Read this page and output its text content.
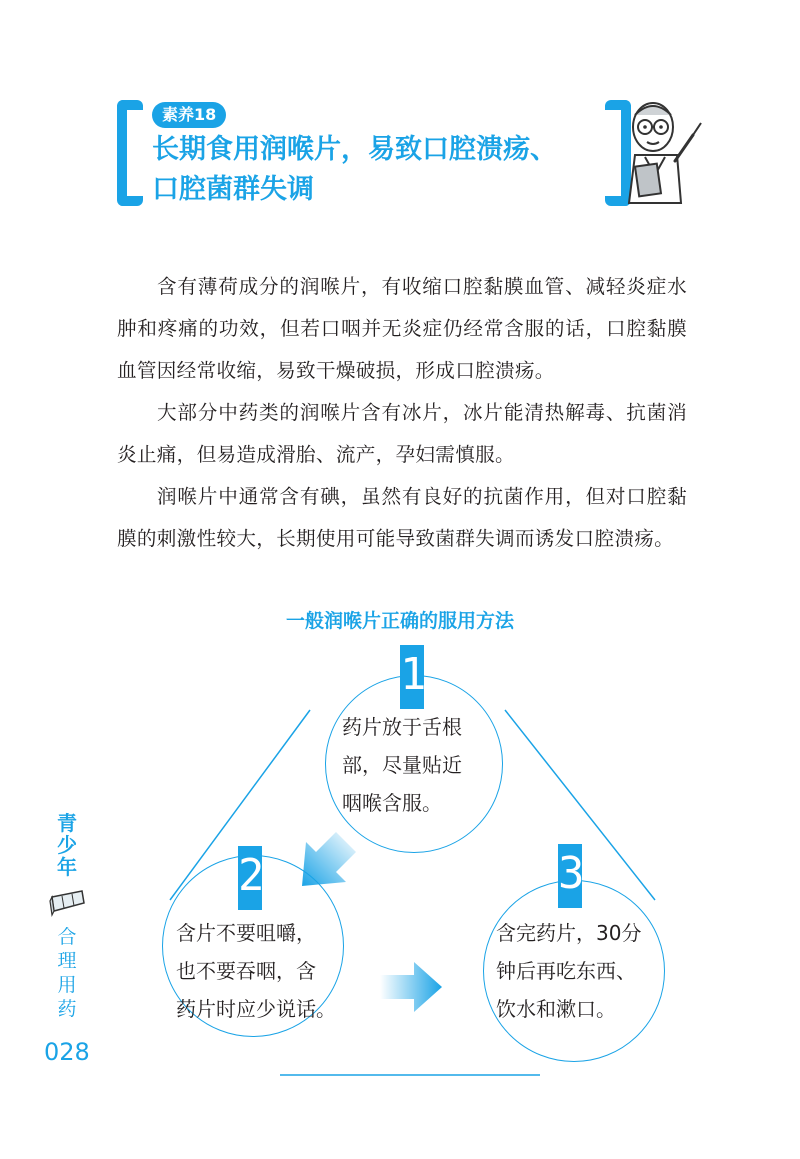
素养18
长期食用润喉片，易致口腔溃疡、
口腔菌群失调

含有薄荷成分的润喉片，有收缩口腔黏膜血管、减轻炎症水肿和疼痛的功效，但若口咽并无炎症仍经常含服的话，口腔黏膜血管因经常收缩，易致干燥破损，形成口腔溃疡。

大部分中药类的润喉片含有冰片，冰片能清热解毒、抗菌消炎止痛，但易造成滑胎、流产，孕妇需慎服。

润喉片中通常含有碘，虽然有良好的抗菌作用，但对口腔黏膜的刺激性较大，长期使用可能导致菌群失调而诱发口腔溃疡。

一般润喉片正确的服用方法

1

药片放于舌根

部，尽量贴近

咽喉含服。

2

含片不要咀嚼，

也不要吞咽，含

药片时应少说话。

3

含完药片，30分

钟后再吃东西、

饮水和漱口。

青
少
年
合
理
用
药
028
